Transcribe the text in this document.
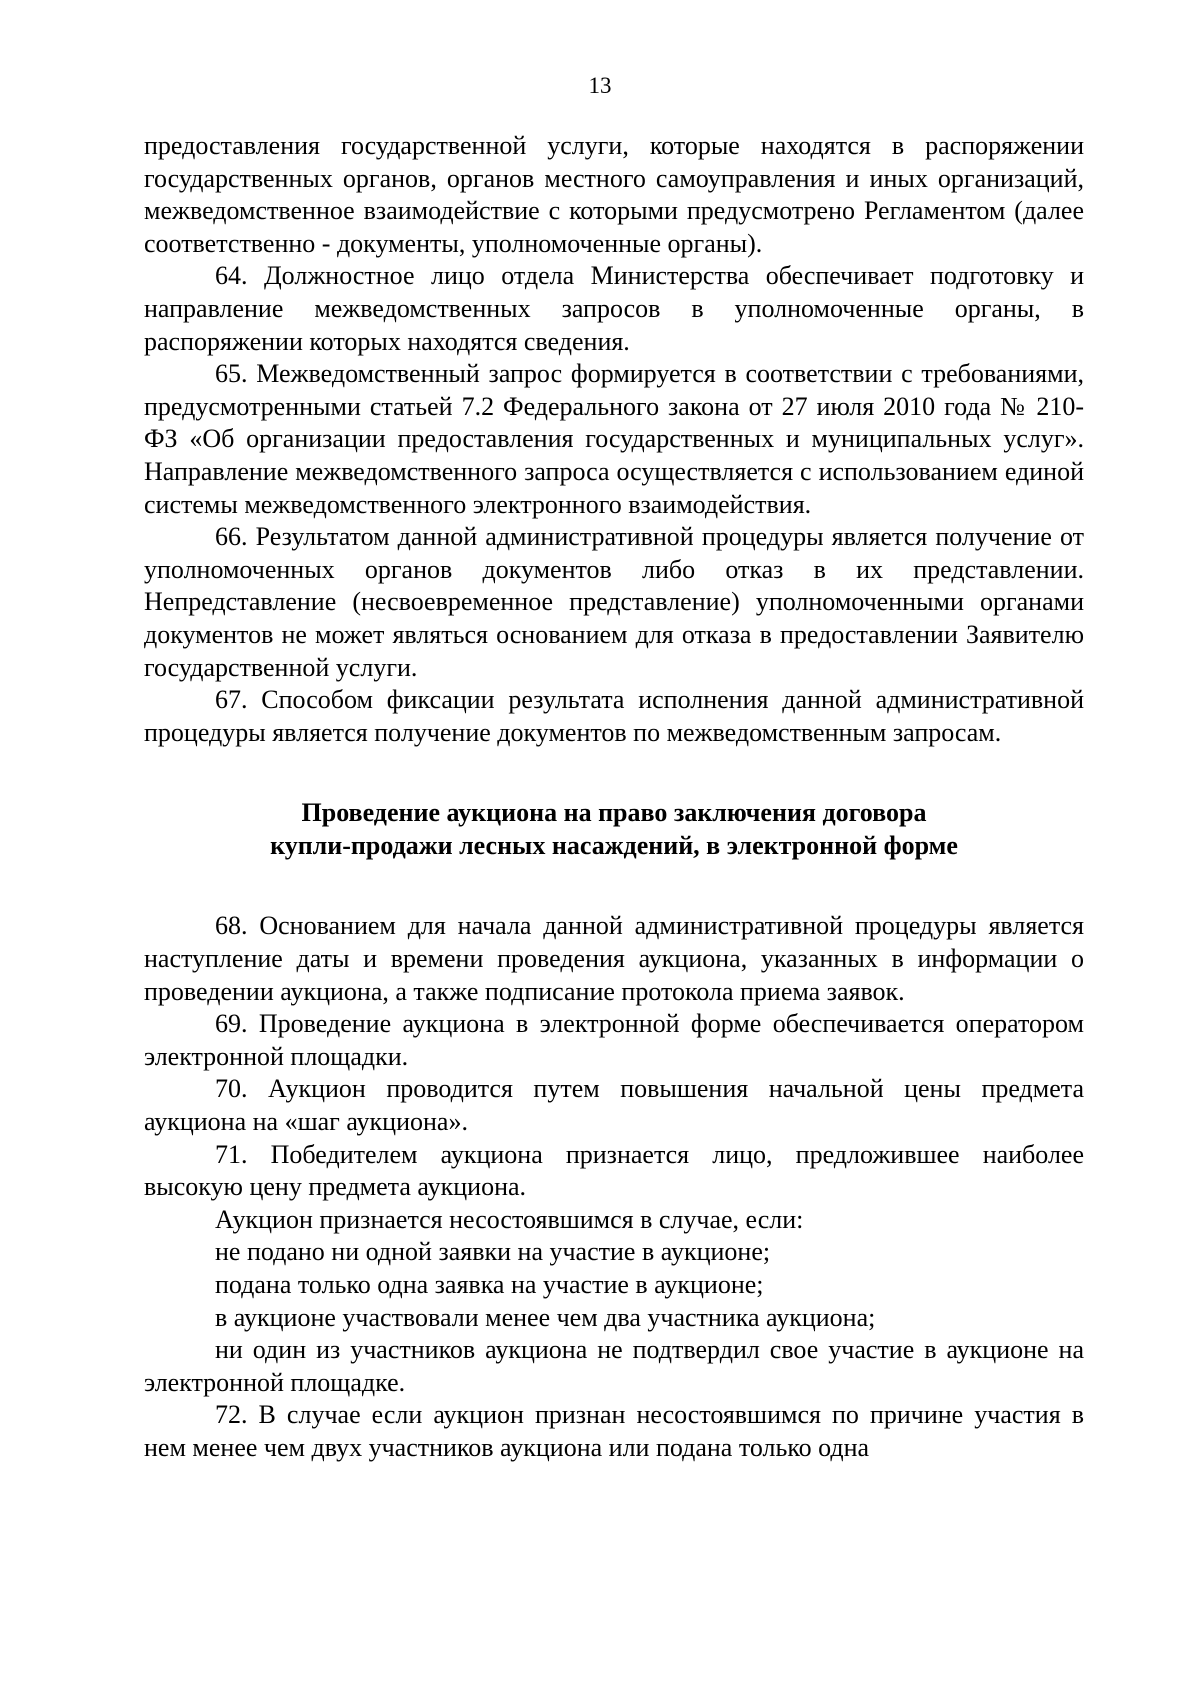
13

предоставления государственной услуги, которые находятся в распоряжении государственных органов, органов местного самоуправления и иных организаций, межведомственное взаимодействие с которыми предусмотрено Регламентом (далее соответственно - документы, уполномоченные органы).

64. Должностное лицо отдела Министерства обеспечивает подготовку и направление межведомственных запросов в уполномоченные органы, в распоряжении которых находятся сведения.

65. Межведомственный запрос формируется в соответствии с требованиями, предусмотренными статьей 7.2 Федерального закона от 27 июля 2010 года № 210-ФЗ «Об организации предоставления государственных и муниципальных услуг». Направление межведомственного запроса осуществляется с использованием единой системы межведомственного электронного взаимодействия.

66. Результатом данной административной процедуры является получение от уполномоченных органов документов либо отказ в их представлении. Непредставление (несвоевременное представление) уполномоченными органами документов не может являться основанием для отказа в предоставлении Заявителю государственной услуги.

67. Способом фиксации результата исполнения данной административной процедуры является получение документов по межведомственным запросам.

Проведение аукциона на право заключения договора
купли-продажи лесных насаждений, в электронной форме

68. Основанием для начала данной административной процедуры является наступление даты и времени проведения аукциона, указанных в информации о проведении аукциона, а также подписание протокола приема заявок.

69. Проведение аукциона в электронной форме обеспечивается оператором электронной площадки.

70. Аукцион проводится путем повышения начальной цены предмета аукциона на «шаг аукциона».

71. Победителем аукциона признается лицо, предложившее наиболее высокую цену предмета аукциона.

Аукцион признается несостоявшимся в случае, если:

не подано ни одной заявки на участие в аукционе;

подана только одна заявка на участие в аукционе;

в аукционе участвовали менее чем два участника аукциона;

ни один из участников аукциона не подтвердил свое участие в аукционе на электронной площадке.

72. В случае если аукцион признан несостоявшимся по причине участия в нем менее чем двух участников аукциона или подана только одна
